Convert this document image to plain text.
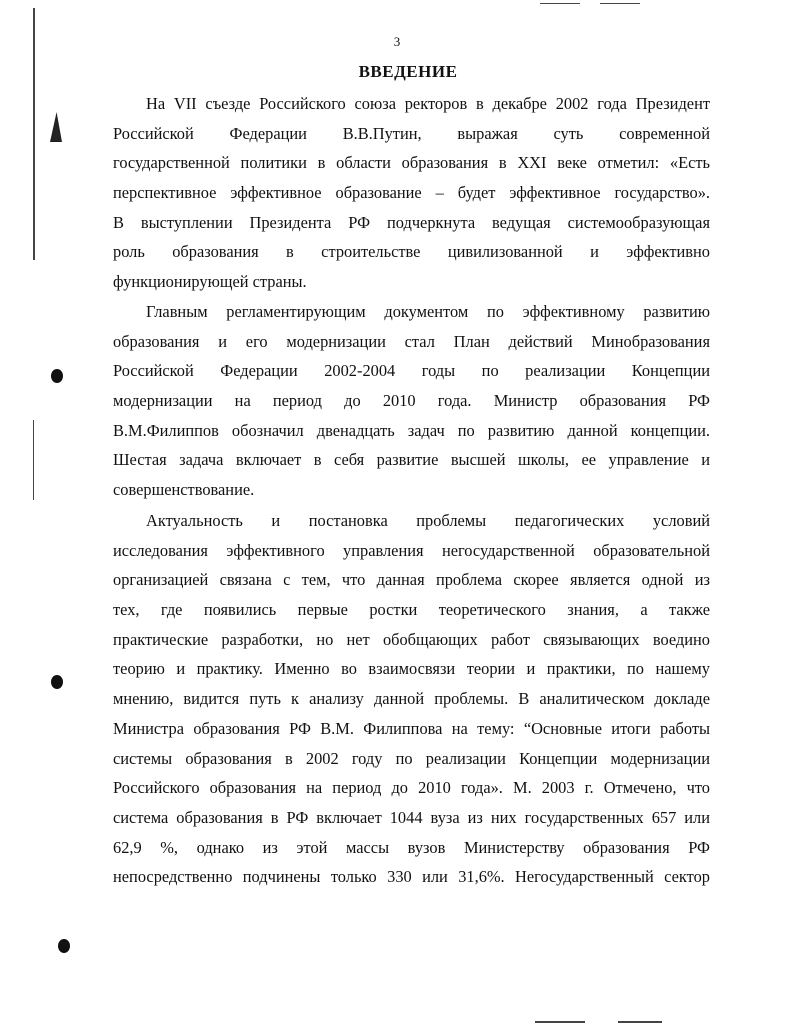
3
ВВЕДЕНИЕ
На VII съезде Российского союза ректоров в декабре 2002 года Президент
Российской Федерации В.В.Путин, выражая суть современной
государственной политики в области образования в XXI веке отметил: «Есть
перспективное эффективное образование – будет эффективное государство».
В выступлении Президента РФ подчеркнута ведущая системообразующая
роль образования в строительстве цивилизованной и эффективно
функционирующей страны.
Главным регламентирующим документом по эффективному развитию
образования и его модернизации стал План действий Минобразования
Российской Федерации 2002-2004 годы по реализации Концепции
модернизации на период до 2010 года. Министр образования РФ
В.М.Филиппов обозначил двенадцать задач по развитию данной концепции.
Шестая задача включает в себя развитие высшей школы, ее управление и
совершенствование.
Актуальность и постановка проблемы педагогических условий
исследования эффективного управления негосударственной образовательной
организацией связана с тем, что данная проблема скорее является одной из
тех, где появились первые ростки теоретического знания, а также
практические разработки, но нет обобщающих работ связывающих воедино
теорию и практику. Именно во взаимосвязи теории и практики, по нашему
мнению, видится путь к анализу данной проблемы. В аналитическом докладе
Министра образования РФ В.М. Филиппова на тему: “Основные итоги работы
системы образования в 2002 году по реализации Концепции модернизации
Российского образования на период до 2010 года». М. 2003 г. Отмечено, что
система образования в РФ включает 1044 вуза из них государственных 657 или
62,9 %, однако из этой массы вузов Министерству образования РФ
непосредственно подчинены только 330 или 31,6%. Негосударственный сектор
